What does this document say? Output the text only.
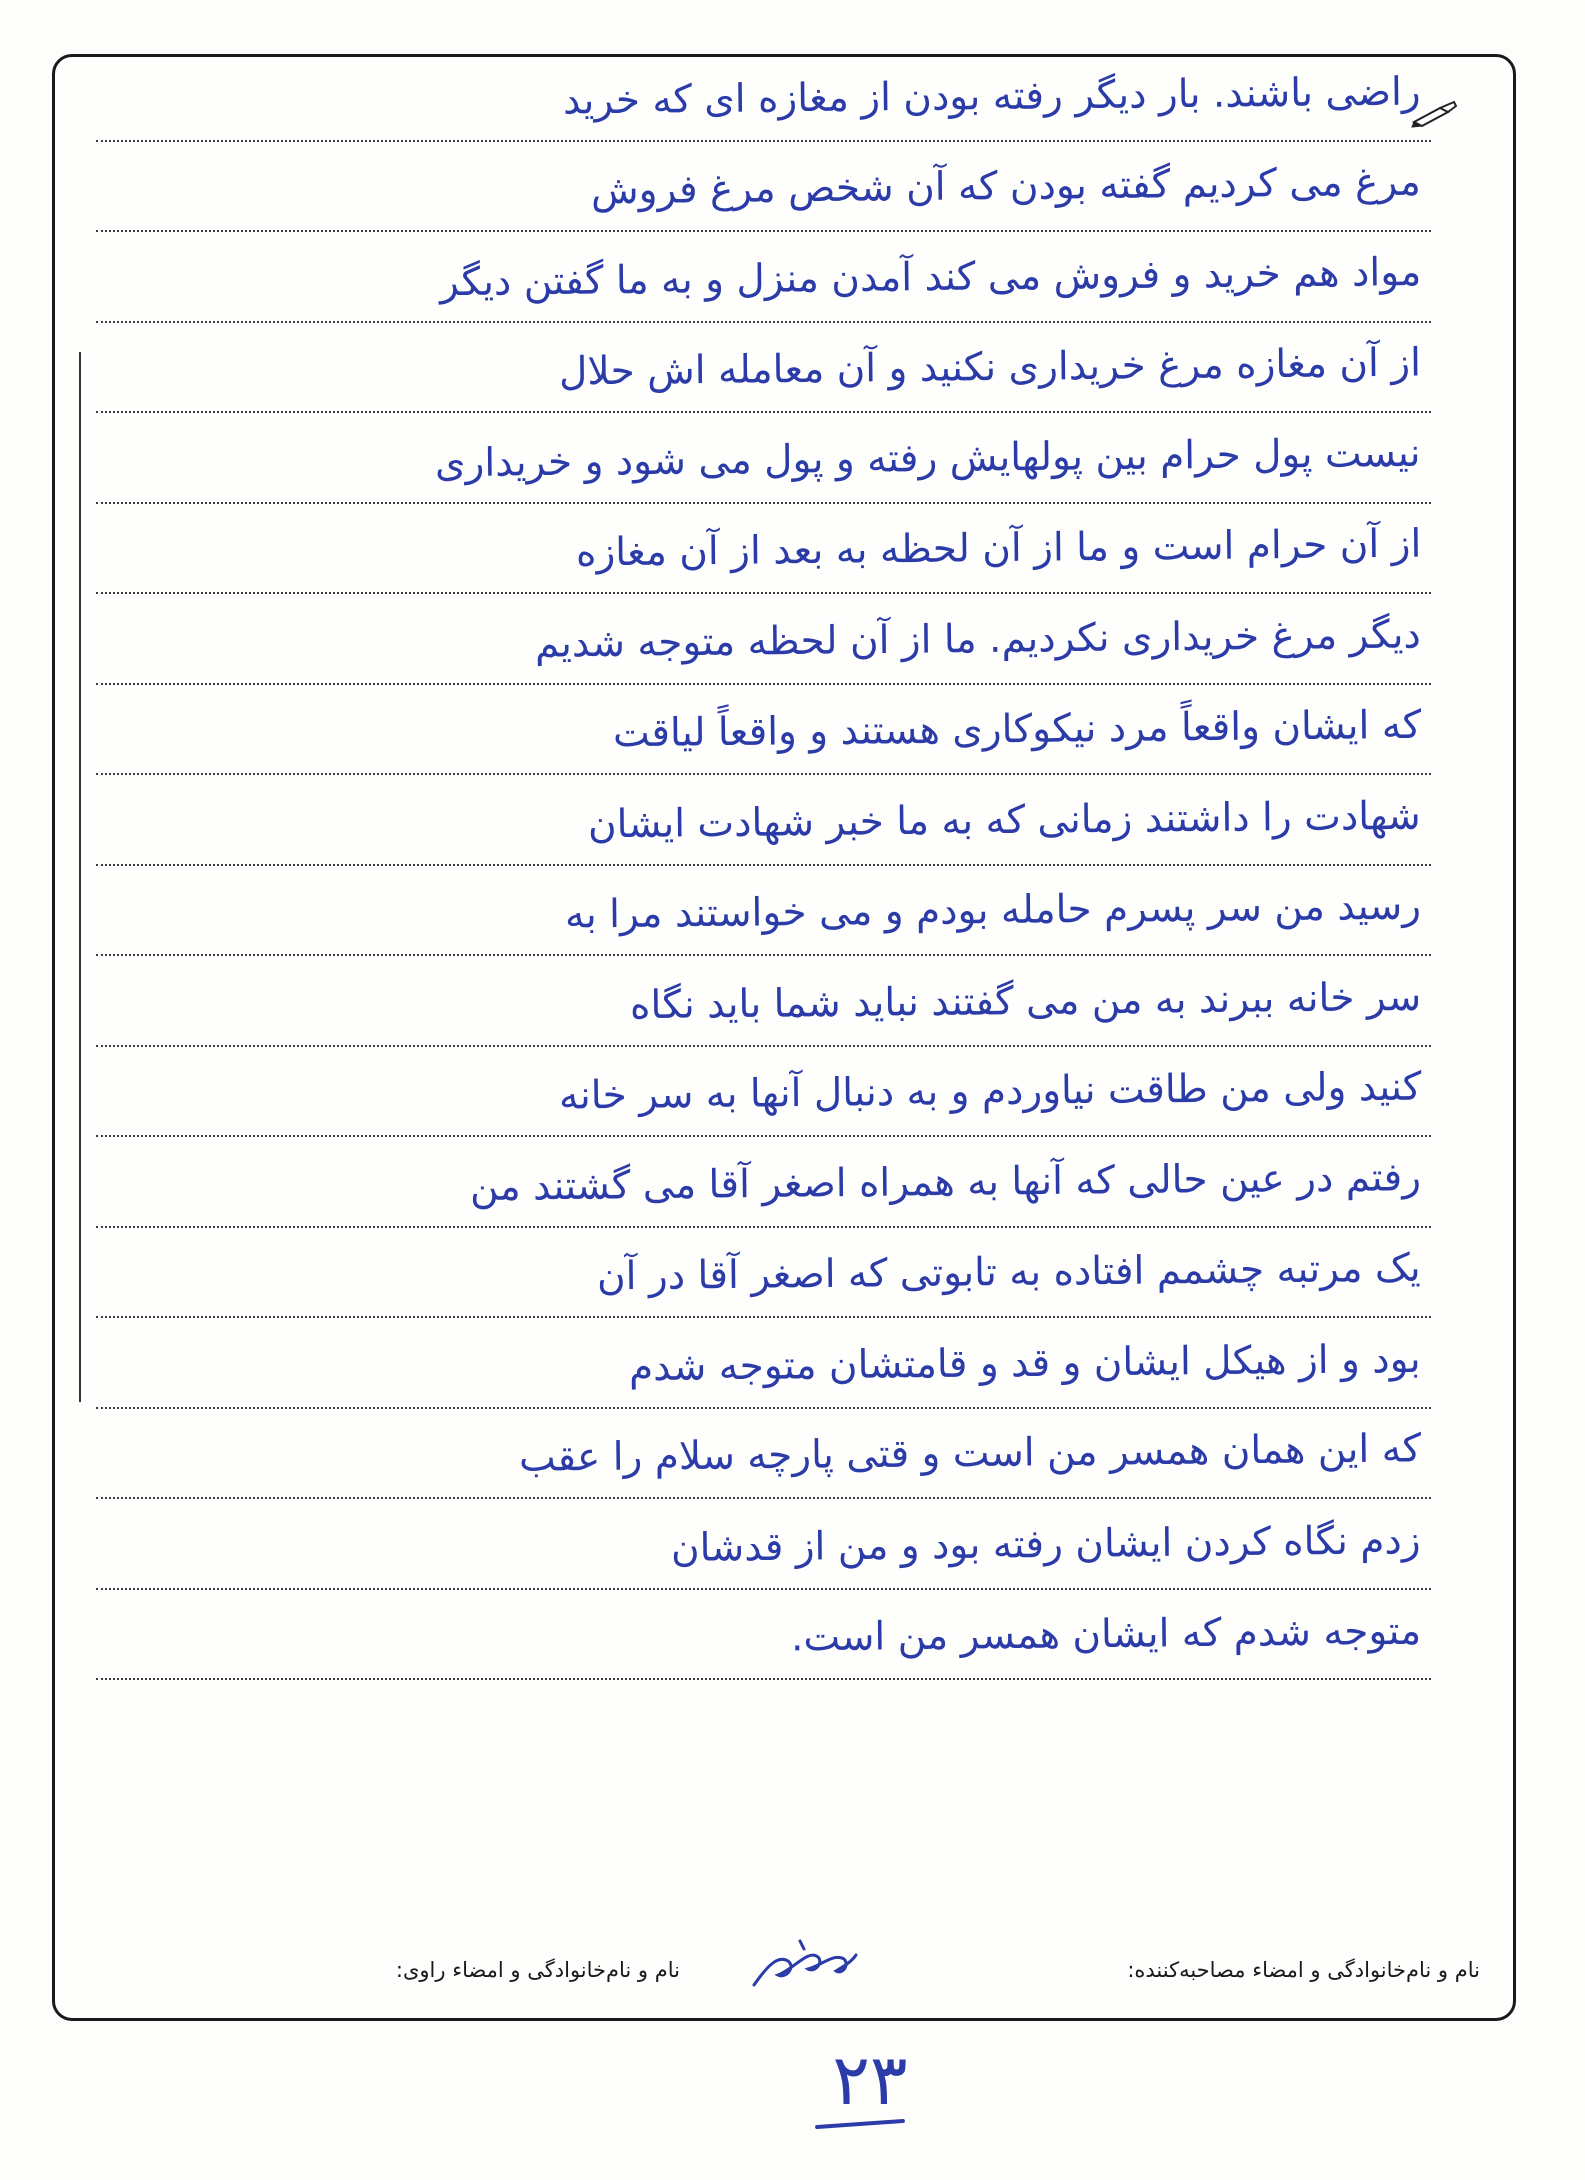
راضی باشند. بار دیگر رفته بودن از مغازه ای که خرید
مرغ می کردیم گفته بودن که آن شخص مرغ فروش
مواد هم خرید و فروش می کند آمدن منزل و به ما گفتن دیگر
از آن مغازه مرغ خریداری نکنید و آن معامله اش حلال
نیست پول حرام بین پولهایش رفته و پول می شود و خریداری
از آن حرام است و ما از آن لحظه به بعد از آن مغازه
دیگر مرغ خریداری نکردیم. ما از آن لحظه متوجه شدیم
که ایشان واقعاً مرد نیکوکاری هستند و واقعاً لیاقت
شهادت را داشتند زمانی که به ما خبر شهادت ایشان
رسید من سر پسرم حامله بودم و می خواستند مرا به
سر خانه ببرند به من می گفتند نباید شما باید نگاه
کنید ولی من طاقت نیاوردم و به دنبال آنها به سر خانه
رفتم در عین حالی که آنها به همراه اصغر آقا می گشتند من
یک مرتبه چشمم افتاده به تابوتی که اصغر آقا در آن
بود و از هیکل ایشان و قد و قامتشان متوجه شدم
که این همان همسر من است و قتی پارچه سلام را عقب
زدم نگاه کردن ایشان رفته بود و من از قدشان
متوجه شدم که ایشان همسر من است.
نام و نام‌خانوادگی و امضاء مصاحبه‌کننده:
نام و نام‌خانوادگی و امضاء راوی:
۲۳
